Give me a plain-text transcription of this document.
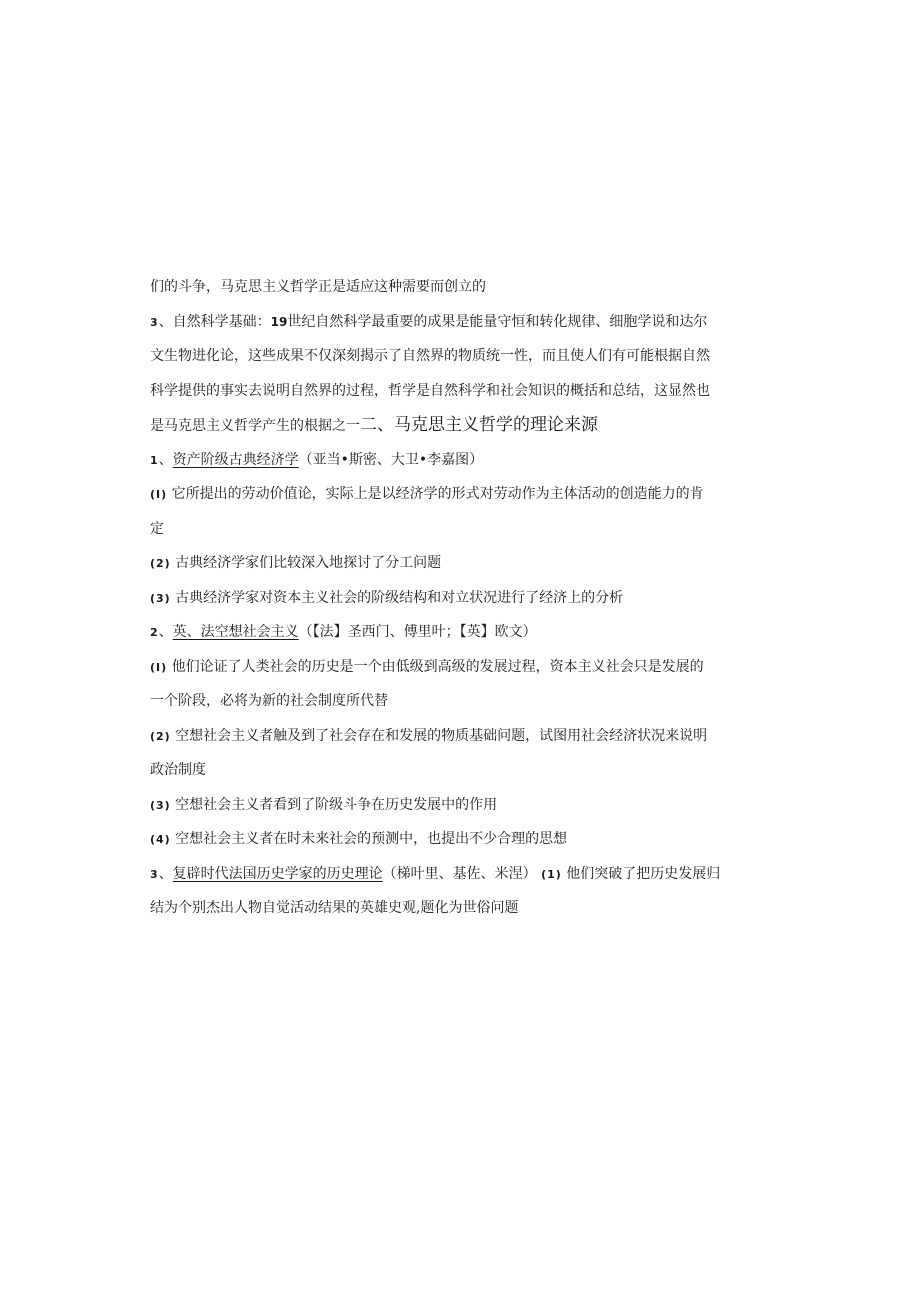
们的斗争，马克思主义哲学正是适应这种需要而创立的
3、自然科学基础：19世纪自然科学最重要的成果是能量守恒和转化规律、细胞学说和达尔
文生物进化论，这些成果不仅深刻揭示了自然界的物质统一性，而且使人们有可能根据自然
科学提供的事实去说明自然界的过程，哲学是自然科学和社会知识的概括和总结，这显然也
是马克思主义哲学产生的根据之一二、马克思主义哲学的理论来源
1、资产阶级古典经济学（亚当•斯密、大卫•李嘉图）
(I) 它所提出的劳动价值论，实际上是以经济学的形式对劳动作为主体活动的创造能力的肯
定
(2) 古典经济学家们比较深入地探讨了分工问题
(3) 古典经济学家对资本主义社会的阶级结构和对立状况进行了经济上的分析
2、英、法空想社会主义（【法】圣西门、傅里叶；【英】欧文）
(I) 他们论证了人类社会的历史是一个由低级到高级的发展过程，资本主义社会只是发展的
一个阶段，必将为新的社会制度所代替
(2) 空想社会主义者触及到了社会存在和发展的物质基础问题，试图用社会经济状况来说明
政治制度
(3) 空想社会主义者看到了阶级斗争在历史发展中的作用
(4) 空想社会主义者在时未来社会的预测中，也提出不少合理的思想
3、复辟时代法国历史学家的历史理论（梯叶里、基佐、米涅） (1) 他们突破了把历史发展归
结为个别杰出人物自觉活动结果的英雄史观,题化为世俗问题
